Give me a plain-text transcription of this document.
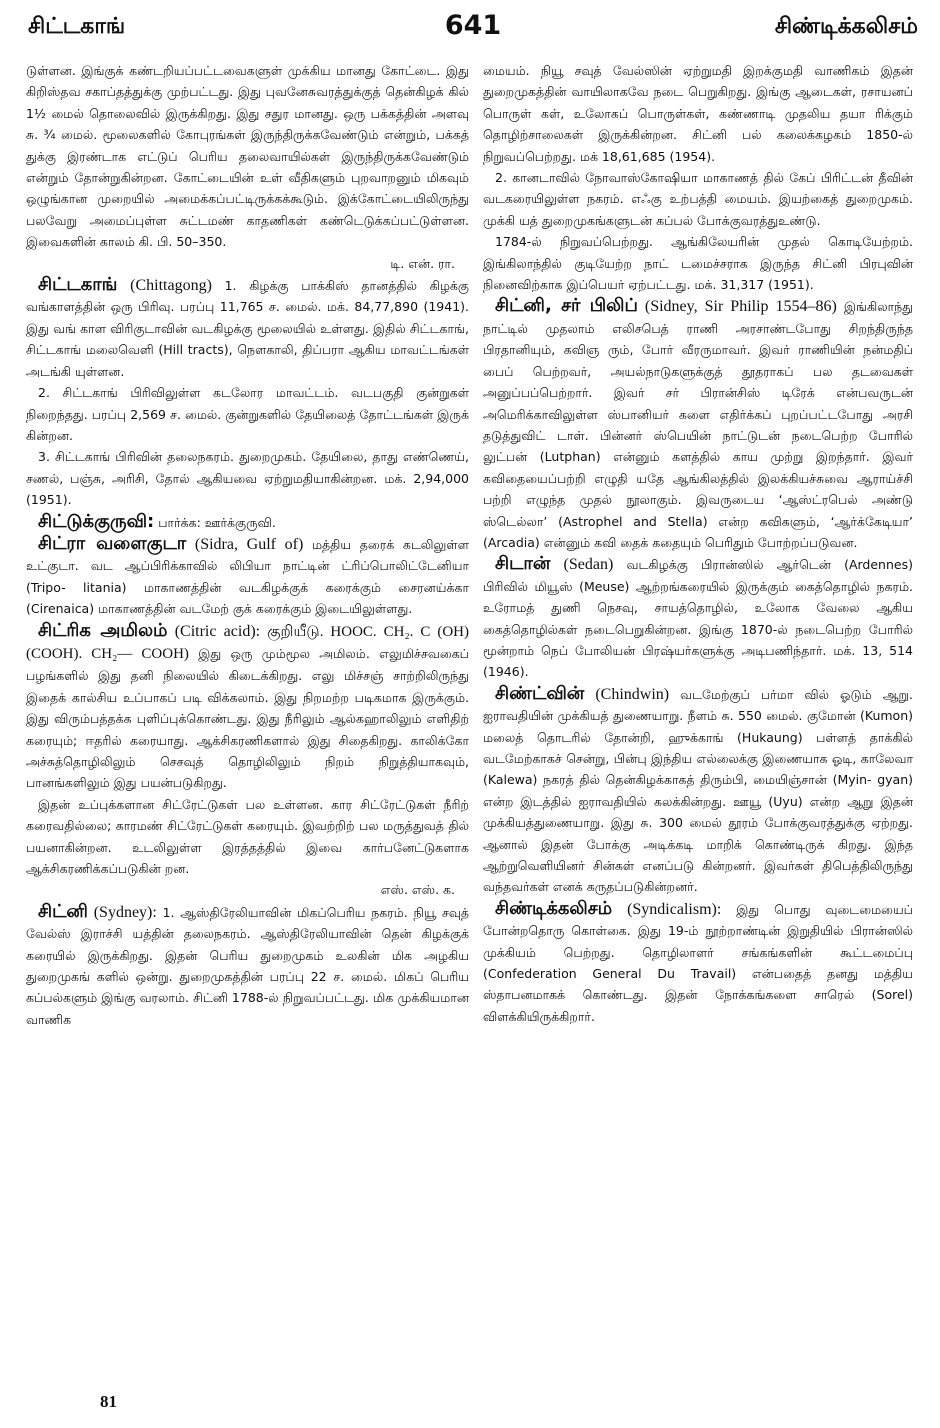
சிட்டகாங்	641	சிண்டிக்கலிசம்

டுள்ளன. இங்குக் கண்டறியப்பட்டவைகளுள் முக்கிய மானது கோட்டை. இது கிறிஸ்தவ சகாப்தத்துக்கு முற்பட்டது. இது புவனேசுவரத்துக்குத் தென்கிழக் கில் 1½ மைல் தொலைவில் இருக்கிறது. இது சதுர மானது. ஒரு பக்கத்தின் அளவு சு. ¾ மைல். மூலைகளில் கோபுரங்கள் இருந்திருக்கவேண்டும் என்றும், பக்கத் துக்கு இரண்டாக எட்டுப் பெரிய தலைவாயில்கள் இருந்திருக்கவேண்டும் என்றும் தோன்றுகின்றன. கோட்டையின் உள் வீதிகளும் புறவாறனும் மிகவும் ஒழுங்கான முறையில் அமைக்கப்பட்டிருக்கக்கூடும். இக்கோட்டையிலிருந்து பலவேறு அமைப்புள்ள சுட்டமண் காதணிகள் கண்டெடுக்கப்பட்டுள்ளன. இவைகளின் காலம் கி. பி. 50–350.

டி. என். ரா.

சிட்டகாங் (Chittagong) 1. கிழக்கு பாக்கிஸ் தானத்தில் கிழக்கு வங்காளத்தின் ஒரு பிரிவு. பரப்பு 11,765 ச. மைல். மக். 84,77,890 (1941). இது வங் காள விரிகுடாவின் வடகிழக்கு மூலையில் உள்ளது. இதில் சிட்டகாங், சிட்டகாங் மலைவெளி (Hill tracts), நௌகாலி, திப்பரா ஆகிய மாவட்டங்கள் அடங்கி யுள்ளன.

2. சிட்டகாங் பிரிவிலுள்ள கடலோர மாவட்டம். வடபகுதி குன்றுகள் நிறைந்தது. பரப்பு 2,569 ச. மைல். குன்றுகளில் தேயிலைத் தோட்டங்கள் இருக் கின்றன.

3. சிட்டகாங் பிரிவின் தலைநகரம். துறைமுகம். தேயிலை, தாது எண்ணெய், சணல், பஞ்சு, அரிசி, தோல் ஆகியவை ஏற்றுமதியாகின்றன. மக். 2,94,000 (1951).

சிட்டுக்குருவி: பார்க்க: ஊர்க்குருவி.

சிட்ரா வளைகுடா (Sidra, Gulf of) மத்திய தரைக் கடலிலுள்ள உட்குடா. வட ஆப்பிரிக்காவில் லிபியா நாட்டின் ட்ரிப்பொலிட்டேனியா (Tripo- litania) மாகாணத்தின் வடகிழக்குக் கரைக்கும் சைரனய்க்கா (Cirenaica) மாகாணத்தின் வடமேற் குக் கரைக்கும் இடையிலுள்ளது.

சிட்ரிக அமிலம் (Citric acid): குறியீடு. HOOC. CH₂. C (OH) (COOH). CH₂— COOH) இது ஒரு மும்மூல அமிலம். எலுமிச்சவகைப் பழங்களில் இது தனி நிலையில் கிடைக்கிறது. எலு மிச்சஞ் சாற்றிலிருந்து இதைக் கால்சிய உப்பாகப் படி விக்கலாம். இது நிறமற்ற படிகமாக இருக்கும். இது விரும்பத்தக்க புளிப்புக்கொண்டது. இது நீரிலும் ஆல்கஹாலிலும் எளிதிற் கரையும்; ஈதரில் கரையாது. ஆக்சிகரணிகளால் இது சிதைகிறது. காலிக்கோ அச்சுத்தொழிலிலும் செசவுத் தொழிலிலும் நிறம் நிறுத்தியாகவும், பானங்களிலும் இது பயன்படுகிறது.

இதன் உப்புக்களான சிட்ரேட்டுகள் பல உள்ளன. கார சிட்ரேட்டுகள் நீரிற் கரைவதில்லை; காரமண் சிட்ரேட்டுகள் கரையும். இவற்றிற் பல மருத்துவத் தில் பயனாகின்றன. உடலிலுள்ள இரத்தத்தில் இவை கார்பனேட்டுகளாக ஆக்சிகரணிக்கப்படுகின் றன.

எஸ். எஸ். க.

சிட்னி (Sydney): 1. ஆஸ்திரேலியாவின் மிகப்பெரிய நகரம். நியூ சவுத் வேல்ஸ் இராச்சி யத்தின் தலைநகரம். ஆஸ்திரேலியாவின் தென் கிழக்குக் கரையில் இருக்கிறது. இதன் பெரிய துறைமுகம் உலகின் மிக அழகிய துறைமுகங் களில் ஒன்று. துறைமுகத்தின் பரப்பு 22 ச. மைல். மிகப் பெரிய கப்பல்களும் இங்கு வரலாம். சிட்னி 1788-ல் நிறுவப்பட்டது. மிக முக்கியமான வாணிக

மையம். நியூ சவுத் வேல்ஸின் ஏற்றுமதி இறக்குமதி வாணிகம் இதன் துறைமுகத்தின் வாயிலாகவே நடை பெறுகிறது. இங்கு ஆடைகள், ரசாயனப் பொருள் கள், உலோகப் பொருள்கள், கண்ணாடி முதலிய தயா ரிக்கும் தொழிற்சாலைகள் இருக்கின்றன. சிட்னி பல் கலைக்கழகம் 1850-ல் நிறுவப்பெற்றது. மக் 18,61,685 (1954).

2. கானடாவில் நோவாஸ்கோஷியா மாகாணத் தில் கேப் பிரிட்டன் தீவின் வடகரையிலுள்ள நகரம். எஃகு உற்பத்தி மையம். இயற்கைத் துறைமுகம். முக்கி யத் துறைமுகங்களுடன் கப்பல் போக்குவரத்துஉண்டு.

1784-ல் நிறுவப்பெற்றது. ஆங்கிலேயரின் முதல் கொடியேற்றம். இங்கிலாந்தில் குடியேற்ற நாட் டமைச்சராக இருந்த சிட்னி பிரபுவின் நினைவிற்காக இப்பெயர் ஏற்பட்டது. மக். 31,317 (1951).

சிட்னி, சர் பிலிப் (Sidney, Sir Philip 1554–86) இங்கிலாந்து நாட்டில் முதலாம் எலிசபெத் ராணி அரசாண்டபோது சிறந்திருந்த பிரதானியும், கவிஞ ரும், போர் வீரருமாவர். இவர் ராணியின் நன்மதிப் பைப் பெற்றவர், அயல்நாடுகளுக்குத் தூதராகப் பல தடவைகள் அனுப்பப்பெற்றார். இவர் சர் பிரான்சிஸ் டிரேக் என்பவருடன் அமெரிக்காவிலுள்ள ஸ்பானியர் களை எதிர்க்கப் புறப்பட்டபோது அரசி தடுத்துவிட் டாள். பின்னர் ஸ்பெயின் நாட்டுடன் நடைபெற்ற போரில் லுட்பன் (Lutphan) என்னும் களத்தில் காய முற்று இறந்தார். இவர் கவிதையைப்பற்றி எழுதி யதே ஆங்கிலத்தில் இலக்கியச்சுவை ஆராய்ச்சி பற்றி எழுந்த முதல் நூலாகும். இவருடைய ‘ஆஸ்ட்ரபெல் அண்டு ஸ்டெல்லா’ (Astrophel and Stella) என்ற கவிகளும், ‘ஆர்க்கேடியா’ (Arcadia) என்னும் கவி தைக் கதையும் பெரிதும் போற்றப்படுவன.

சிடான் (Sedan) வடகிழக்கு பிரான்ஸில் ஆர்டென் (Ardennes) பிரிவில் மியூஸ் (Meuse) ஆற்றங்கரையில் இருக்கும் கைத்தொழில் நகரம். உரோமத் துணி நெசவு, சாயத்தொழில், உலோக வேலை ஆகிய கைத்தொழில்கள் நடைபெறுகின்றன. இங்கு 1870-ல் நடைபெற்ற போரில் மூன்றாம் நெப் போலியன் பிரஷ்யர்களுக்கு அடிபணிந்தார். மக். 13, 514 (1946).

சிண்ட்வின் (Chindwin) வடமேற்குப் பர்மா வில் ஓடும் ஆறு. ஐராவதியின் முக்கியத் துணையாறு. நீளம் சு. 550 மைல். குமோன் (Kumon) மலைத் தொடரில் தோன்றி, ஹுக்காங் (Hukaung) பள்ளத் தாக்கில் வடமேற்காகச் சென்று, பின்பு இந்திய எல்லைக்கு இணையாக ஓடி, காலேவா (Kalewa) நகரத் தில் தென்கிழக்காகத் திரும்பி, மையிஞ்சான் (Myin- gyan) என்ற இடத்தில் ஐராவதியில் கலக்கின்றது. ஊயூ (Uyu) என்ற ஆறு இதன் முக்கியத்துணையாறு. இது சு. 300 மைல் தூரம் போக்குவரத்துக்கு ஏற்றது. ஆனால் இதன் போக்கு அடிக்கடி மாறிக் கொண்டிருக் கிறது. இந்த ஆற்றுவெளியினர் சின்கள் எனப்படு கின்றனர். இவர்கள் திபெத்திலிருந்து வந்தவர்கள் எனக் கருதப்படுகின்றனர்.

சிண்டிக்கலிசம் (Syndicalism): இது பொது வுடைமையைப் போன்றதொரு கொள்கை. இது 19-ம் நூற்றாண்டின் இறுதியில் பிரான்ஸில் முக்கியம் பெற்றது. தொழிலாளர் சங்கங்களின் கூட்டமைப்பு (Confederation General Du Travail) என்பதைத் தனது மத்திய ஸ்தாபனமாகக் கொண்டது. இதன் நோக்கங்களை சாரெல் (Sorel) விளக்கியிருக்கிறார்.

81
